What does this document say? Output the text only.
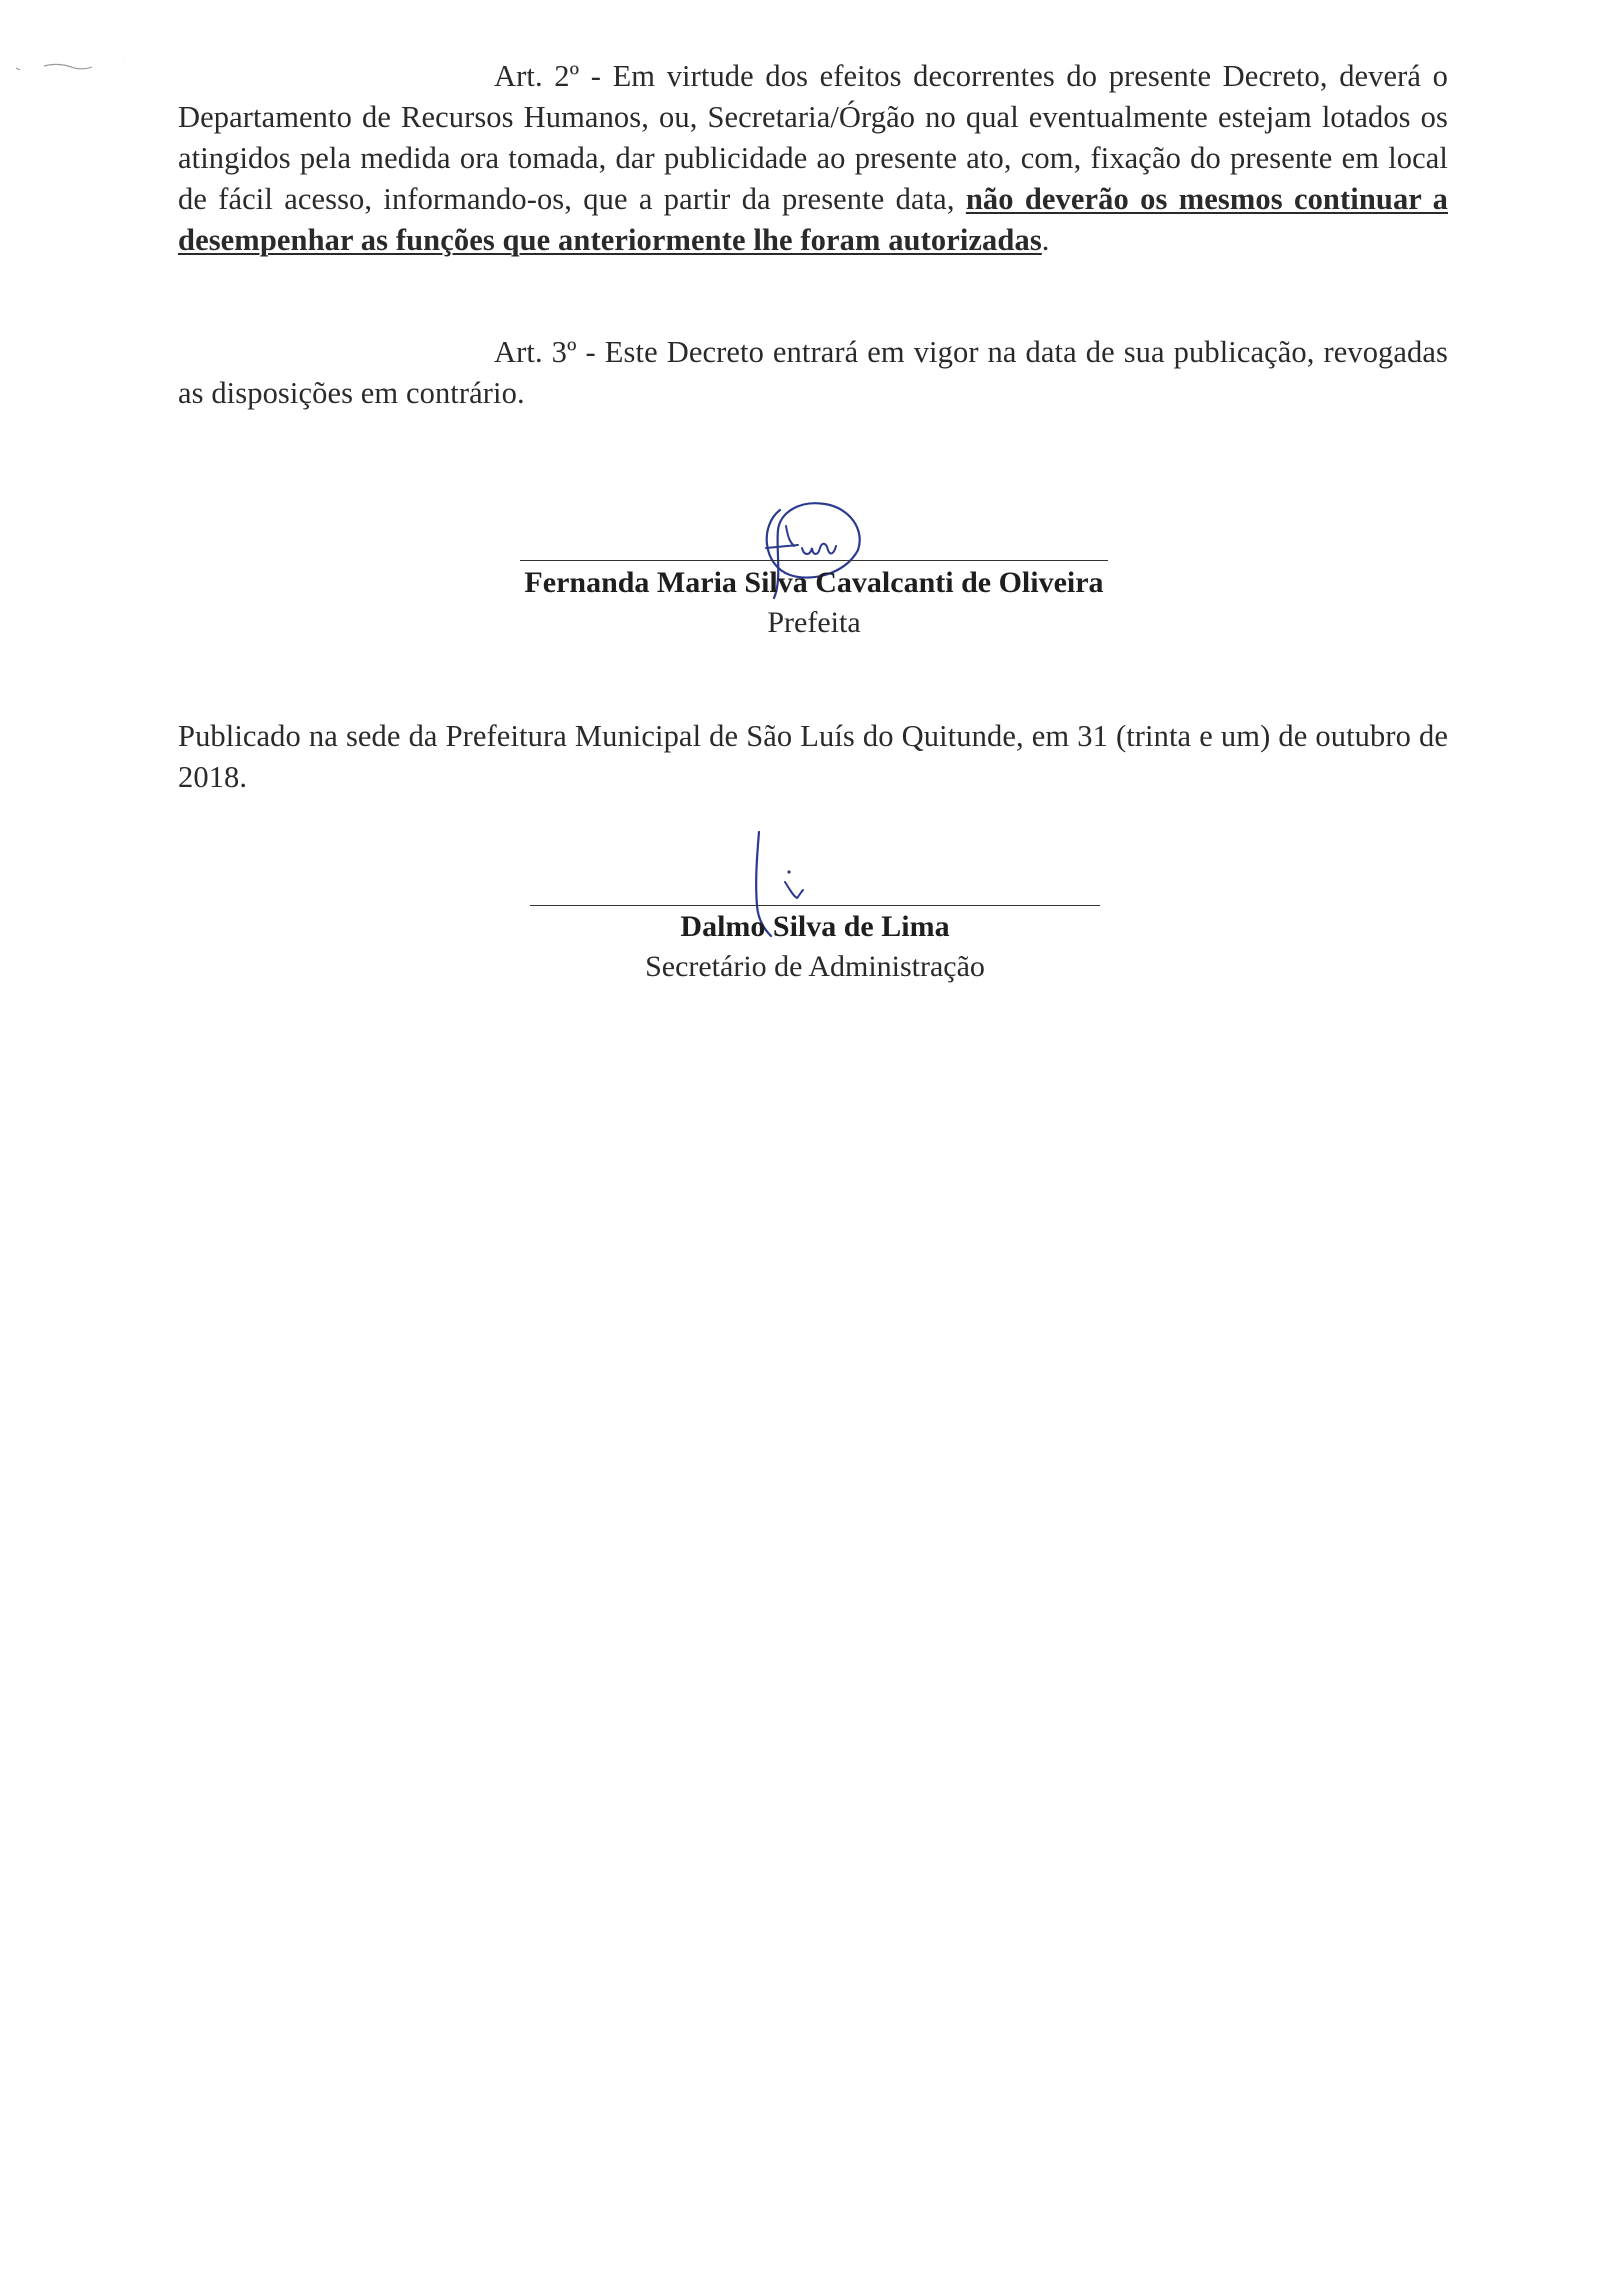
Art. 2º - Em virtude dos efeitos decorrentes do presente Decreto, deverá o Departamento de Recursos Humanos, ou, Secretaria/Órgão no qual eventualmente estejam lotados os atingidos pela medida ora tomada, dar publicidade ao presente ato, com, fixação do presente em local de fácil acesso, informando-os, que a partir da presente data, não deverão os mesmos continuar a desempenhar as funções que anteriormente lhe foram autorizadas.

Art. 3º - Este Decreto entrará em vigor na data de sua publicação, revogadas as disposições em contrário.

Fernanda Maria Silva Cavalcanti de Oliveira
Prefeita

Publicado na sede da Prefeitura Municipal de São Luís do Quitunde, em 31 (trinta e um) de outubro de 2018.

Dalmo Silva de Lima
Secretário de Administração
